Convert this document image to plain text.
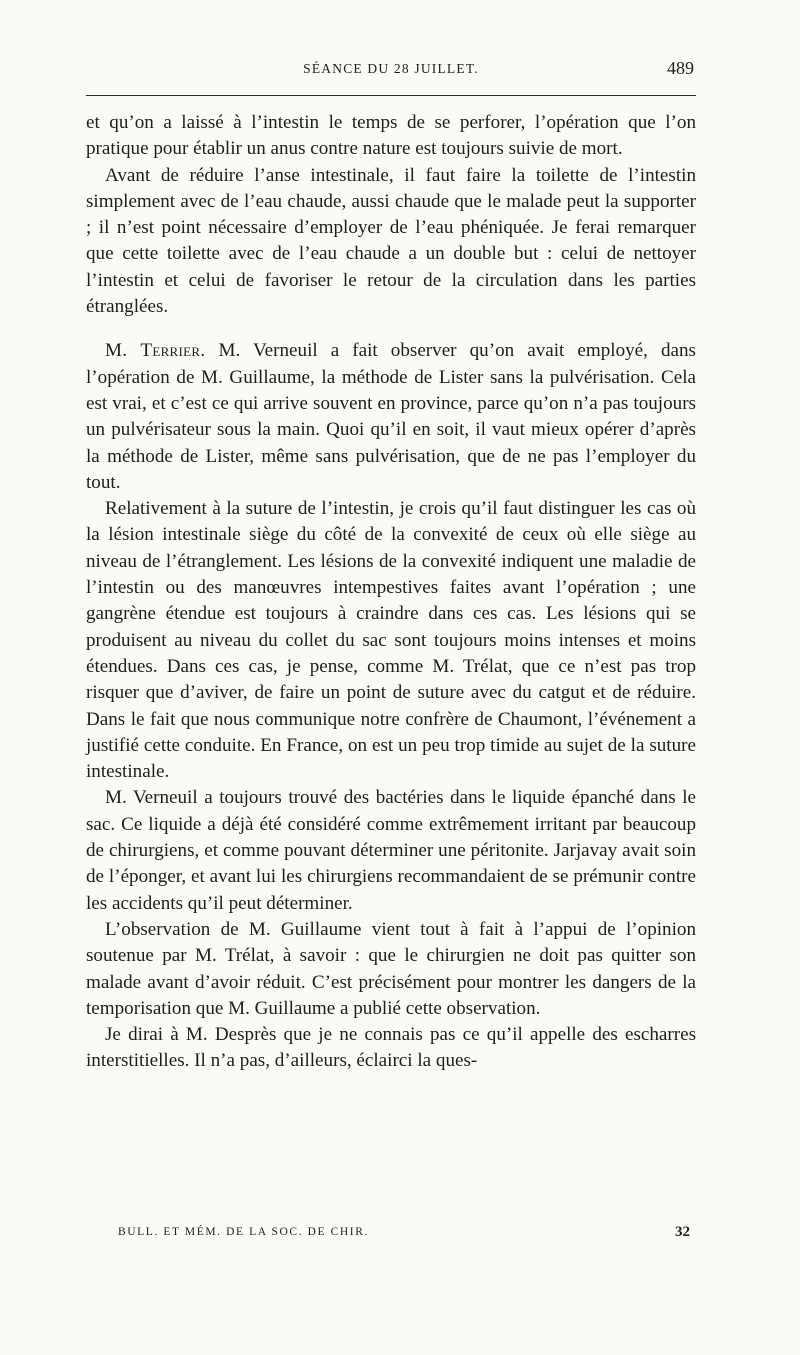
SÉANCE DU 28 JUILLET.	489

et qu’on a laissé à l’intestin le temps de se perforer, l’opération que l’on pratique pour établir un anus contre nature est toujours suivie de mort.

Avant de réduire l’anse intestinale, il faut faire la toilette de l’intestin simplement avec de l’eau chaude, aussi chaude que le malade peut la supporter ; il n’est point nécessaire d’employer de l’eau phéniquée. Je ferai remarquer que cette toilette avec de l’eau chaude a un double but : celui de nettoyer l’intestin et celui de favoriser le retour de la circulation dans les parties étranglées.

M. Terrier. M. Verneuil a fait observer qu’on avait employé, dans l’opération de M. Guillaume, la méthode de Lister sans la pulvérisation. Cela est vrai, et c’est ce qui arrive souvent en province, parce qu’on n’a pas toujours un pulvérisateur sous la main. Quoi qu’il en soit, il vaut mieux opérer d’après la méthode de Lister, même sans pulvérisation, que de ne pas l’employer du tout.

Relativement à la suture de l’intestin, je crois qu’il faut distinguer les cas où la lésion intestinale siège du côté de la convexité de ceux où elle siège au niveau de l’étranglement. Les lésions de la convexité indiquent une maladie de l’intestin ou des manœuvres intempestives faites avant l’opération ; une gangrène étendue est toujours à craindre dans ces cas. Les lésions qui se produisent au niveau du collet du sac sont toujours moins intenses et moins étendues. Dans ces cas, je pense, comme M. Trélat, que ce n’est pas trop risquer que d’aviver, de faire un point de suture avec du catgut et de réduire. Dans le fait que nous communique notre confrère de Chaumont, l’événement a justifié cette conduite. En France, on est un peu trop timide au sujet de la suture intestinale.

M. Verneuil a toujours trouvé des bactéries dans le liquide épanché dans le sac. Ce liquide a déjà été considéré comme extrêmement irritant par beaucoup de chirurgiens, et comme pouvant déterminer une péritonite. Jarjavay avait soin de l’éponger, et avant lui les chirurgiens recommandaient de se prémunir contre les accidents qu’il peut déterminer.

L’observation de M. Guillaume vient tout à fait à l’appui de l’opinion soutenue par M. Trélat, à savoir : que le chirurgien ne doit pas quitter son malade avant d’avoir réduit. C’est précisément pour montrer les dangers de la temporisation que M. Guillaume a publié cette observation.

Je dirai à M. Desprès que je ne connais pas ce qu’il appelle des escharres interstitielles. Il n’a pas, d’ailleurs, éclairci la ques-

BULL. ET MÉM. DE LA SOC. DE CHIR.	32
